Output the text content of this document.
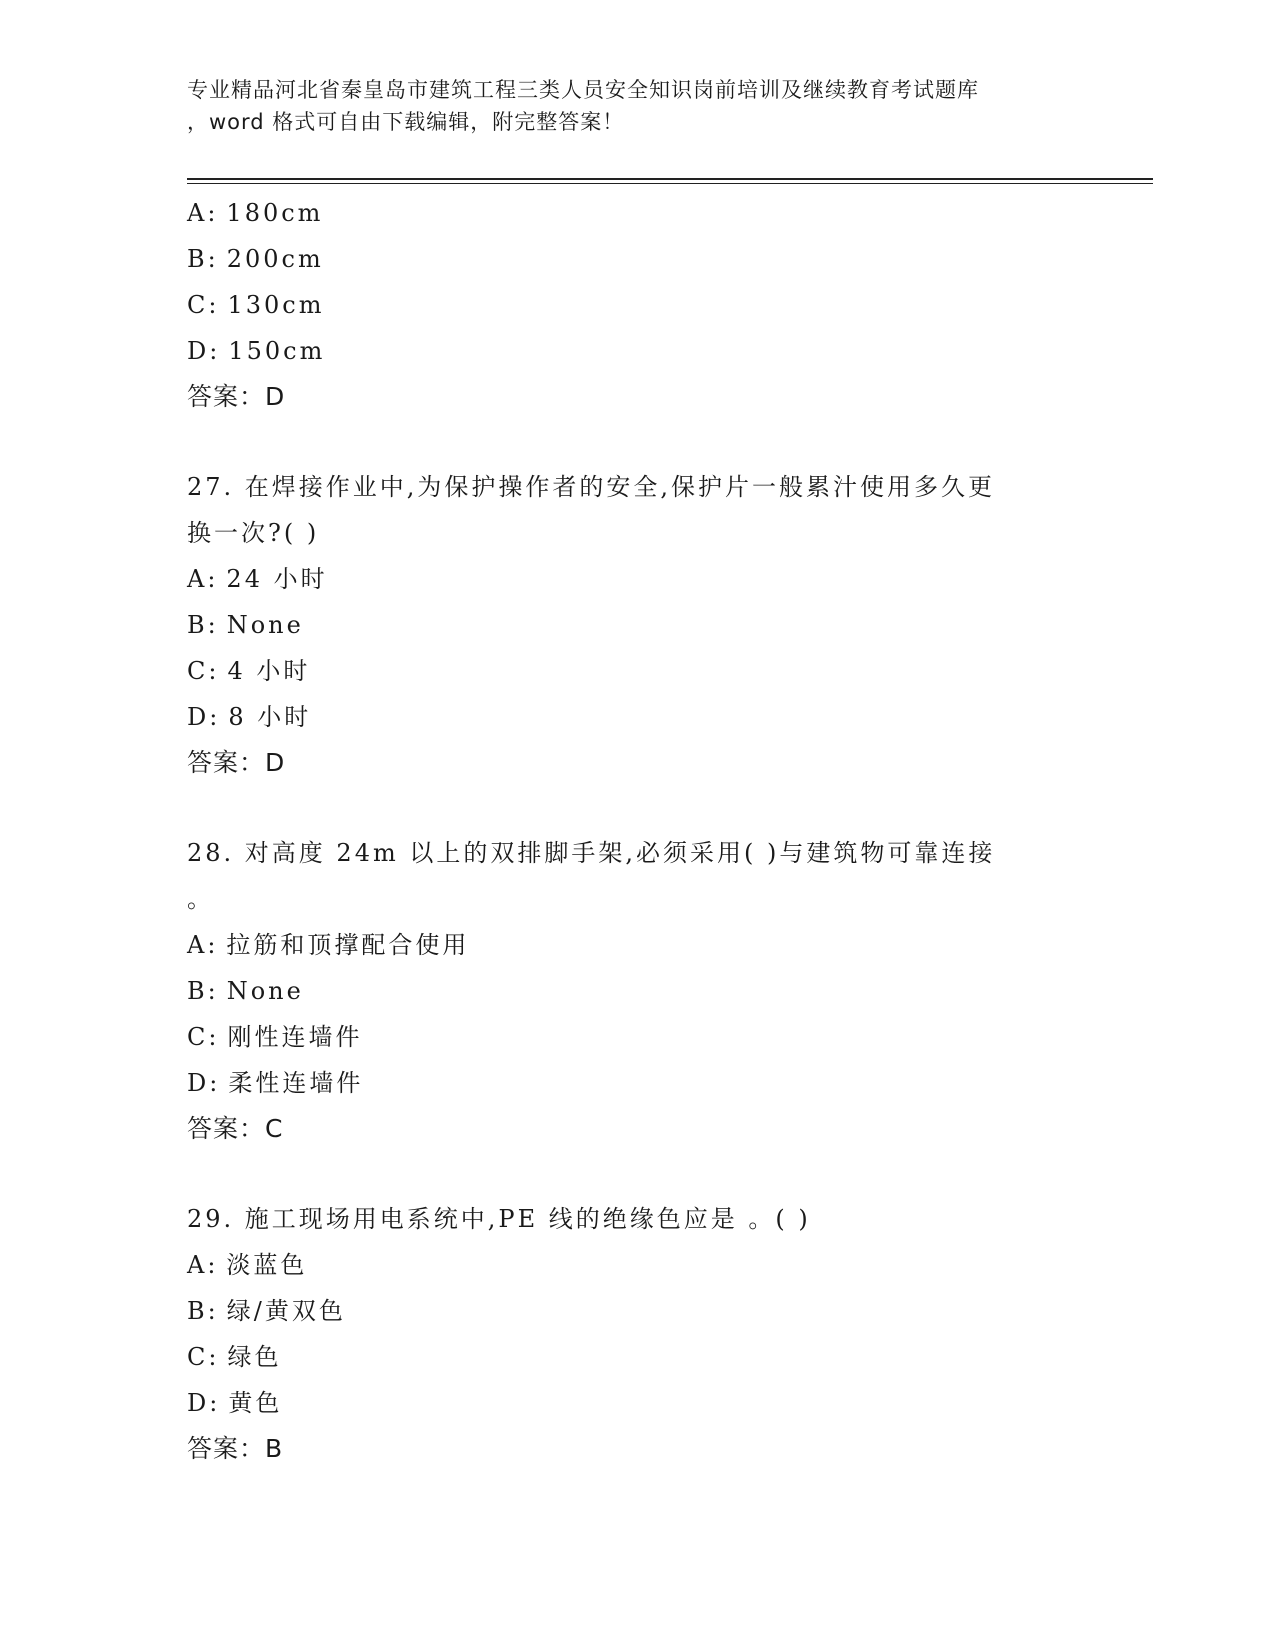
专业精品河北省秦皇岛市建筑工程三类人员安全知识岗前培训及继续教育考试题库
，word 格式可自由下载编辑，附完整答案！
A: 180cm
B: 200cm
C: 130cm
D: 150cm
答案：D
27. 在焊接作业中,为保护操作者的安全,保护片一般累汁使用多久更
换一次?( )
A: 24 小时
B: None
C: 4 小时
D: 8 小时
答案：D
28. 对高度 24m 以上的双排脚手架,必须采用( )与建筑物可靠连接
。
A: 拉筋和顶撑配合使用
B: None
C: 刚性连墙件
D: 柔性连墙件
答案：C
29. 施工现场用电系统中,PE 线的绝缘色应是 。( )
A: 淡蓝色
B: 绿/黄双色
C: 绿色
D: 黄色
答案：B
